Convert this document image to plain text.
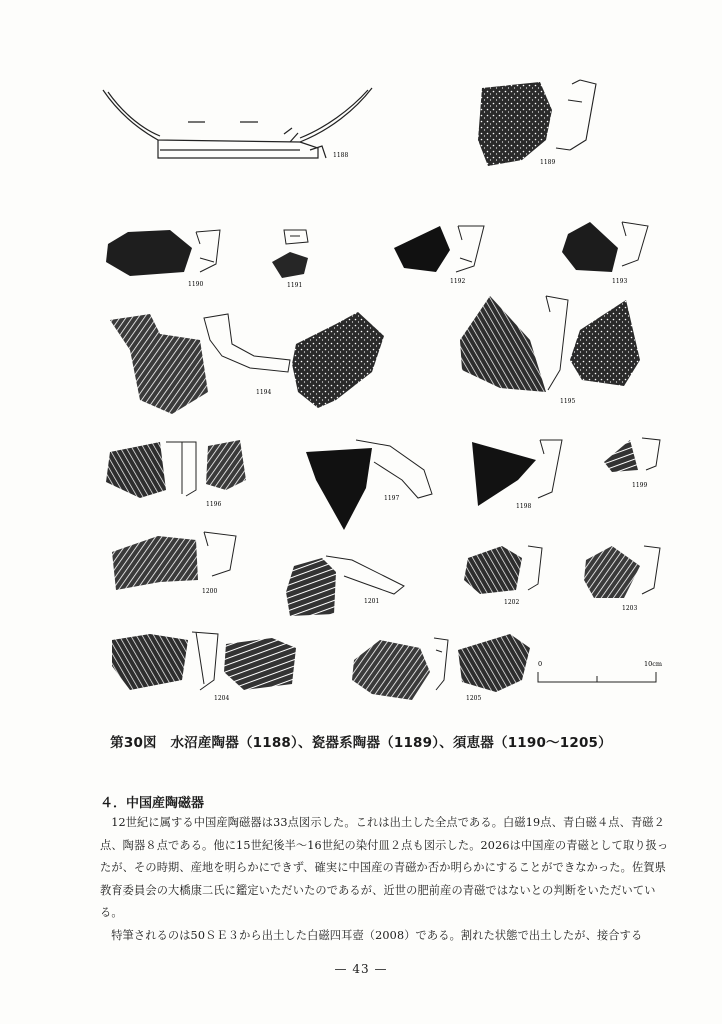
1188
1189
1190	1191
1192	1193
1194
1195
1196
1197
1198
1199
1200
1201	1202
1203
1204	1205
0	10cm
第30図　水沼産陶器（1188）、瓷器系陶器（1189）、須恵器（1190〜1205）
４．中国産陶磁器

12世紀に属する中国産陶磁器は33点図示した。これは出土した全点である。白磁19点、青白磁４点、青磁２点、陶器８点である。他に15世紀後半〜16世紀の染付皿２点も図示した。2026は中国産の青磁として取り扱ったが、その時期、産地を明らかにできず、確実に中国産の青磁か否か明らかにすることができなかった。佐賀県教育委員会の大橋康二氏に鑑定いただいたのであるが、近世の肥前産の青磁ではないとの判断をいただいている。

特筆されるのは50ＳＥ３から出土した白磁四耳壺（2008）である。割れた状態で出土したが、接合する

— 43 —
